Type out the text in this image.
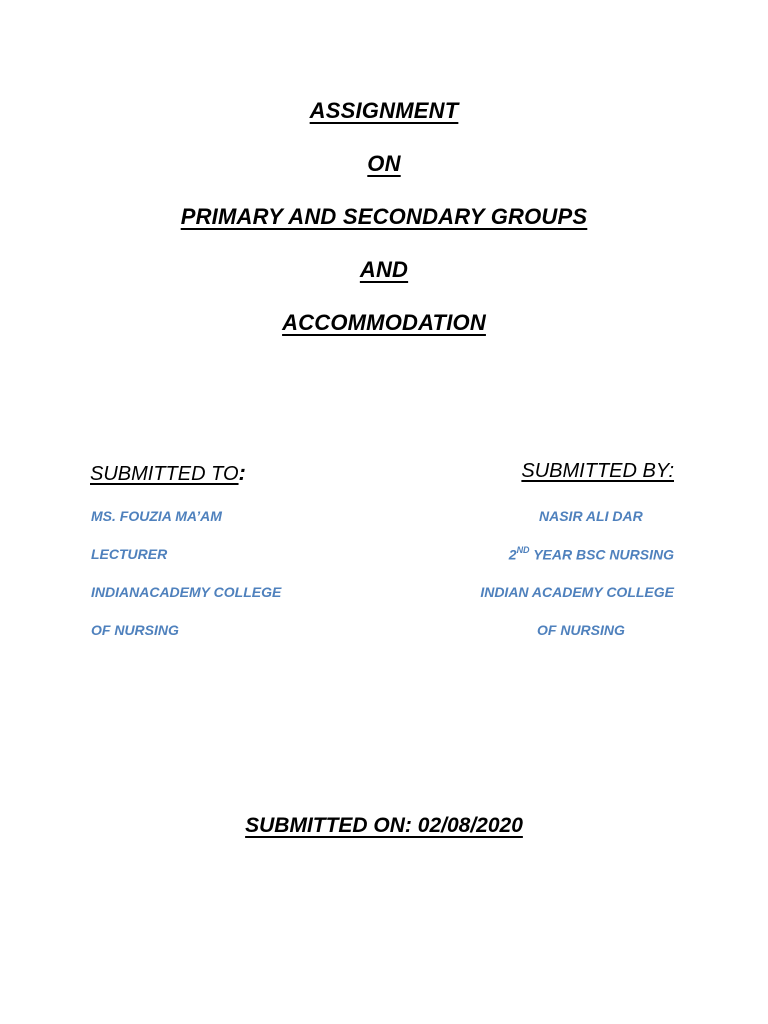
ASSIGNMENT
ON
PRIMARY AND SECONDARY GROUPS
AND
ACCOMMODATION
SUBMITTED TO:	SUBMITTED BY:
MS. FOUZIA MA’AM
LECTURER
INDIANACADEMY COLLEGE
OF NURSING
NASIR ALI DAR
2ND YEAR BSC NURSING
INDIAN ACADEMY COLLEGE
OF NURSING
SUBMITTED ON: 02/08/2020
